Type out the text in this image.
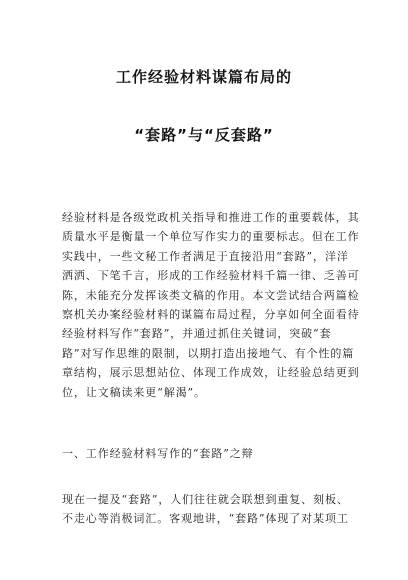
工作经验材料谋篇布局的
“套路”与“反套路”
经验材料是各级党政机关指导和推进工作的重要载体，其
质量水平是衡量一个单位写作实力的重要标志。但在工作
实践中，一些文秘工作者满足于直接沿用“套路”，洋洋
洒洒、下笔千言，形成的工作经验材料千篇一律、乏善可
陈，未能充分发挥该类文稿的作用。本文尝试结合两篇检
察机关办案经验材料的谋篇布局过程，分享如何全面看待
经验材料写作“套路”，并通过抓住关键词，突破“套
路”对写作思维的限制，以期打造出接地气、有个性的篇
章结构，展示思想站位、体现工作成效，让经验总结更到
位，让文稿读来更“解渴”。
一、工作经验材料写作的“套路”之辩
现在一提及“套路”，人们往往就会联想到重复、刻板、
不走心等消极词汇。客观地讲，“套路”体现了对某项工
